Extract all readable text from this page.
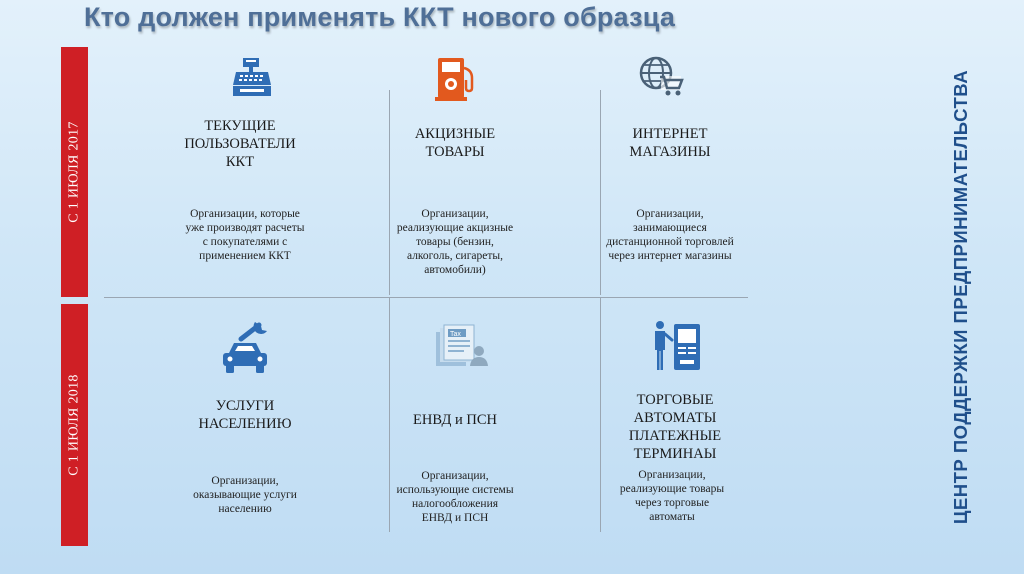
Кто должен применять ККТ нового образца
С 1 ИЮЛЯ 2017
С 1 ИЮЛЯ 2018	ЦЕНТР ПОДДЕРЖКИ ПРЕДПРИНИМАТЕЛЬСТВА
ТЕКУЩИЕ
ПОЛЬЗОВАТЕЛИ
ККТ
Организации, которые
уже производят расчеты
с покупателями с
применением ККТ
АКЦИЗНЫЕ
ТОВАРЫ
Организации,
реализующие акцизные
товары (бензин,
алкоголь, сигареты,
автомобили)
ИНТЕРНЕТ
МАГАЗИНЫ
Организации,
занимающиеся
дистанционной торговлей
через интернет магазины
УСЛУГИ
НАСЕЛЕНИЮ
Организации,
оказывающие услуги
населению
Tax
ЕНВД и ПСН
Организации,
использующие системы
налогообложения
ЕНВД и ПСН
ТОРГОВЫЕ
АВТОМАТЫ
ПЛАТЕЖНЫЕ
ТЕРМИНАЫ
Организации,
реализующие товары
через торговые
автоматы
